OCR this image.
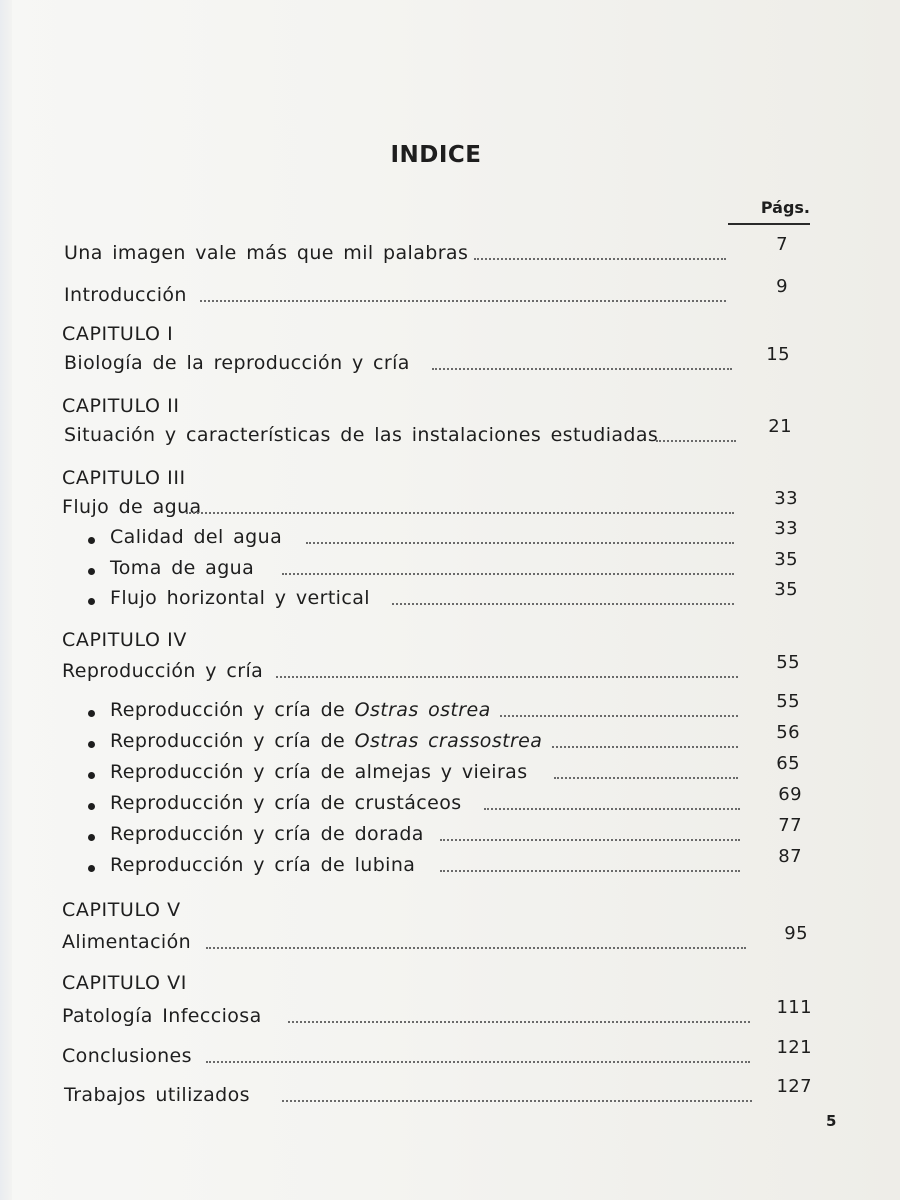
INDICE
Págs.
Una imagen vale más que mil palabras	7
Introducción	9
CAPITULO I
Biología de la reproducción y cría	15
CAPITULO II
Situación y características de las instalaciones estudiadas	21
CAPITULO III
Flujo de agua	33
Calidad del agua	33
Toma de agua	35
Flujo horizontal y vertical	35
CAPITULO IV
Reproducción y cría	55
Reproducción y cría de Ostras ostrea	55
Reproducción y cría de Ostras crassostrea	56
Reproducción y cría de almejas y vieiras	65
Reproducción y cría de crustáceos	69
Reproducción y cría de dorada	77
Reproducción y cría de lubina	87
CAPITULO V
Alimentación	95
CAPITULO VI
Patología Infecciosa	111
Conclusiones	121
Trabajos utilizados	127
5
